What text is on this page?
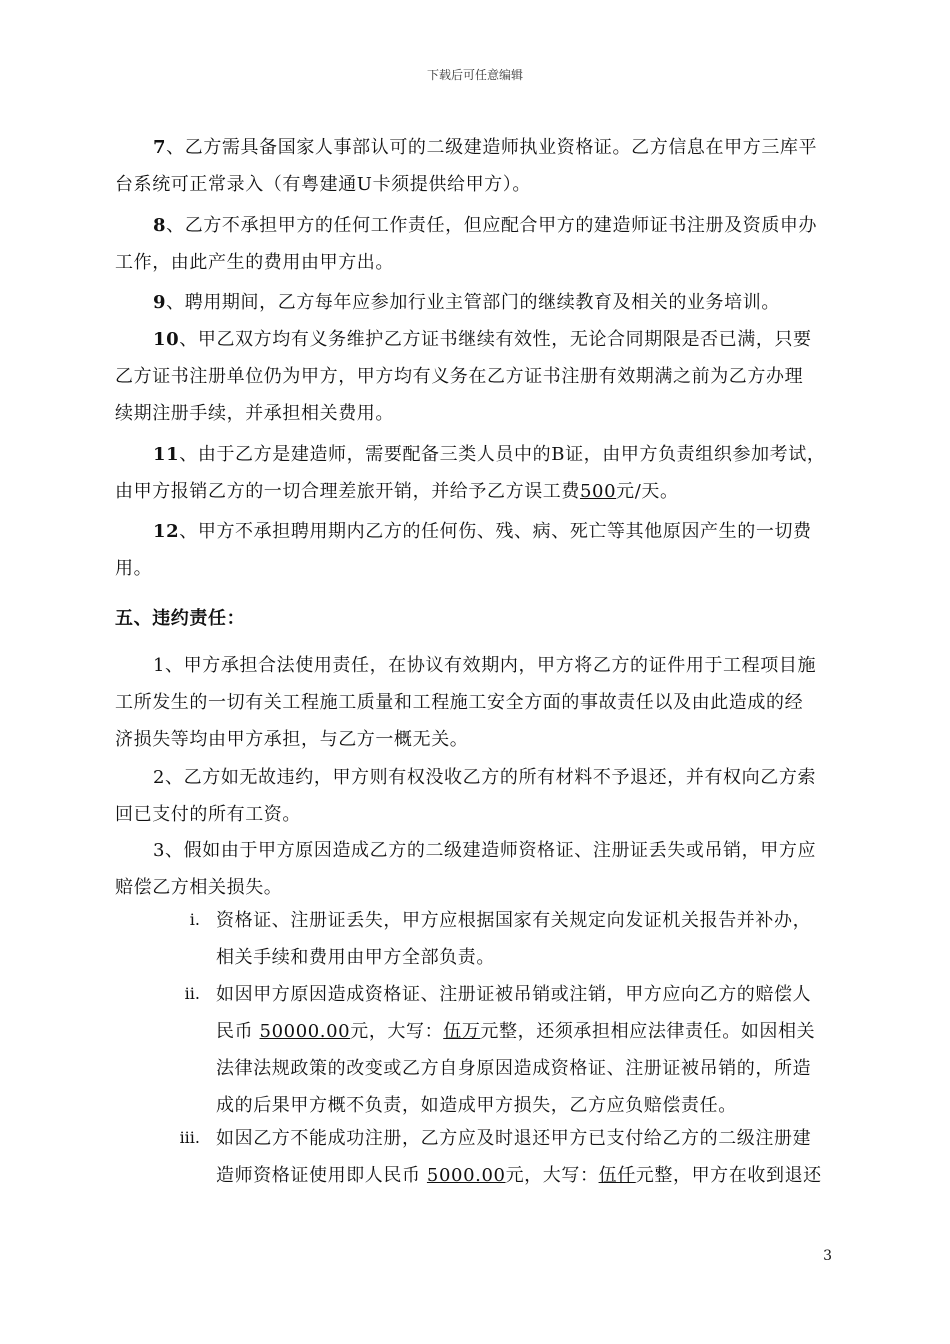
下载后可任意编辑
7、乙方需具备国家人事部认可的二级建造师执业资格证。乙方信息在甲方三库平
台系统可正常录入（有粤建通U卡须提供给甲方）。
8、乙方不承担甲方的任何工作责任，但应配合甲方的建造师证书注册及资质申办
工作，由此产生的费用由甲方出。
9、聘用期间，乙方每年应参加行业主管部门的继续教育及相关的业务培训。
10、甲乙双方均有义务维护乙方证书继续有效性，无论合同期限是否已满，只要
乙方证书注册单位仍为甲方，甲方均有义务在乙方证书注册有效期满之前为乙方办理
续期注册手续，并承担相关费用。
11、由于乙方是建造师，需要配备三类人员中的B证，由甲方负责组织参加考试，
由甲方报销乙方的一切合理差旅开销，并给予乙方误工费500元/天。
12、甲方不承担聘用期内乙方的任何伤、残、病、死亡等其他原因产生的一切费
用。
五、违约责任：
1、甲方承担合法使用责任，在协议有效期内，甲方将乙方的证件用于工程项目施
工所发生的一切有关工程施工质量和工程施工安全方面的事故责任以及由此造成的经
济损失等均由甲方承担，与乙方一概无关。
2、乙方如无故违约，甲方则有权没收乙方的所有材料不予退还，并有权向乙方索
回已支付的所有工资。
3、假如由于甲方原因造成乙方的二级建造师资格证、注册证丢失或吊销，甲方应
赔偿乙方相关损失。
i. 资格证、注册证丢失，甲方应根据国家有关规定向发证机关报告并补办，
相关手续和费用由甲方全部负责。
ii. 如因甲方原因造成资格证、注册证被吊销或注销，甲方应向乙方的赔偿人
民币 50000.00元，大写：伍万元整，还须承担相应法律责任。如因相关
法律法规政策的改变或乙方自身原因造成资格证、注册证被吊销的，所造
成的后果甲方概不负责，如造成甲方损失，乙方应负赔偿责任。
iii. 如因乙方不能成功注册，乙方应及时退还甲方已支付给乙方的二级注册建
造师资格证使用即人民币 5000.00元，大写：伍仟元整，甲方在收到退还
3
